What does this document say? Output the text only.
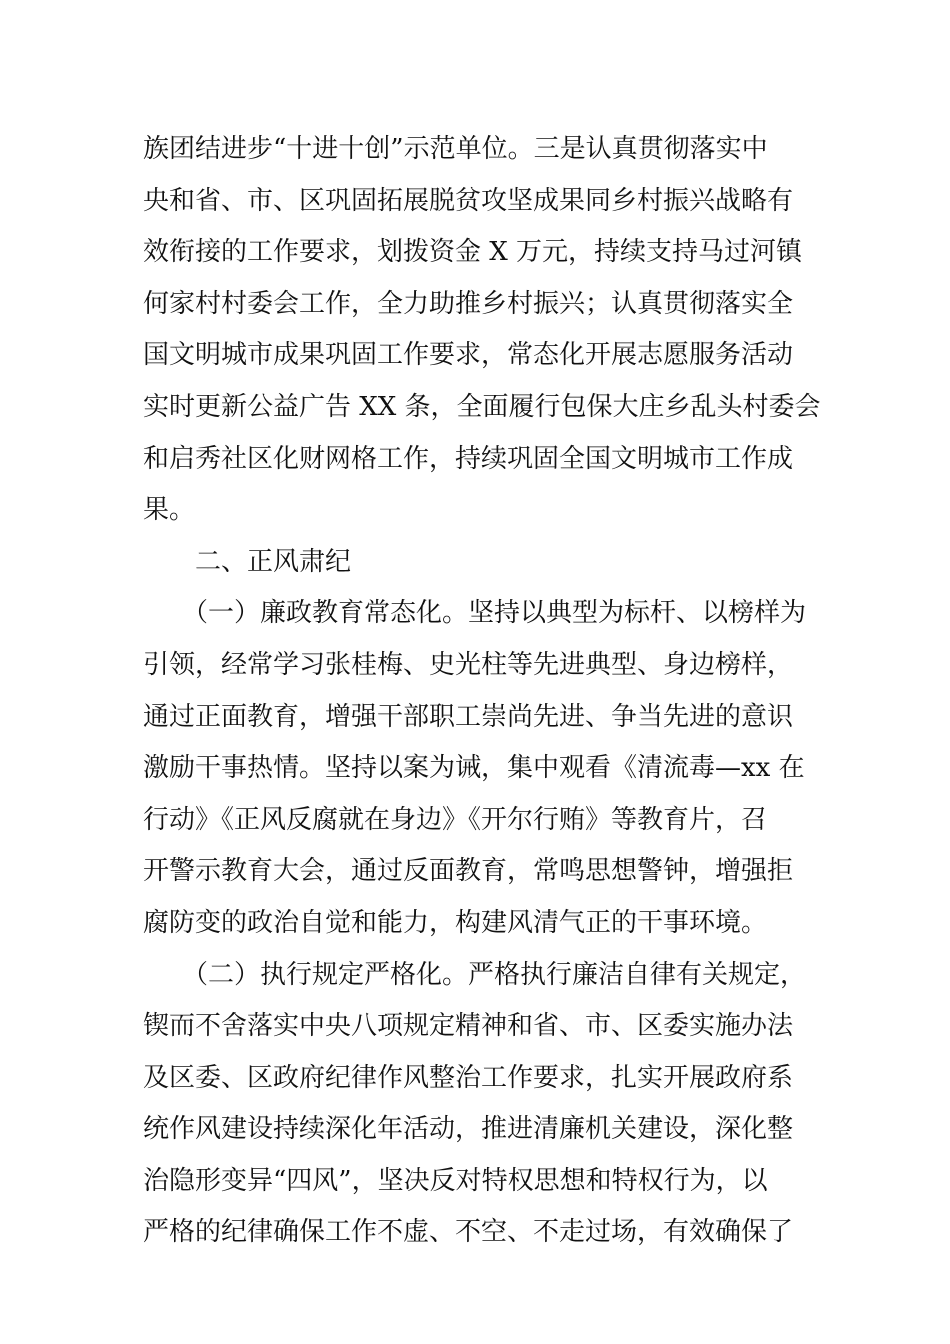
族团结进步“十进十创”示范单位。三是认真贯彻落实中
央和省、市、区巩固拓展脱贫攻坚成果同乡村振兴战略有
效衔接的工作要求，划拨资金 X 万元，持续支持马过河镇
何家村村委会工作，全力助推乡村振兴；认真贯彻落实全
国文明城市成果巩固工作要求，常态化开展志愿服务活动
实时更新公益广告 XX 条，全面履行包保大庄乡乱头村委会
和启秀社区化财网格工作，持续巩固全国文明城市工作成
果。
　　二、正风肃纪
　　（一）廉政教育常态化。坚持以典型为标杆、以榜样为
引领，经常学习张桂梅、史光柱等先进典型、身边榜样，
通过正面教育，增强干部职工崇尚先进、争当先进的意识
激励干事热情。坚持以案为诫，集中观看《清流毒—xx 在
行动》《正风反腐就在身边》《开尔行贿》等教育片，召
开警示教育大会，通过反面教育，常鸣思想警钟，增强拒
腐防变的政治自觉和能力，构建风清气正的干事环境。
　　（二）执行规定严格化。严格执行廉洁自律有关规定，
锲而不舍落实中央八项规定精神和省、市、区委实施办法
及区委、区政府纪律作风整治工作要求，扎实开展政府系
统作风建设持续深化年活动，推进清廉机关建设，深化整
治隐形变异“四风”，坚决反对特权思想和特权行为，以
严格的纪律确保工作不虚、不空、不走过场，有效确保了
